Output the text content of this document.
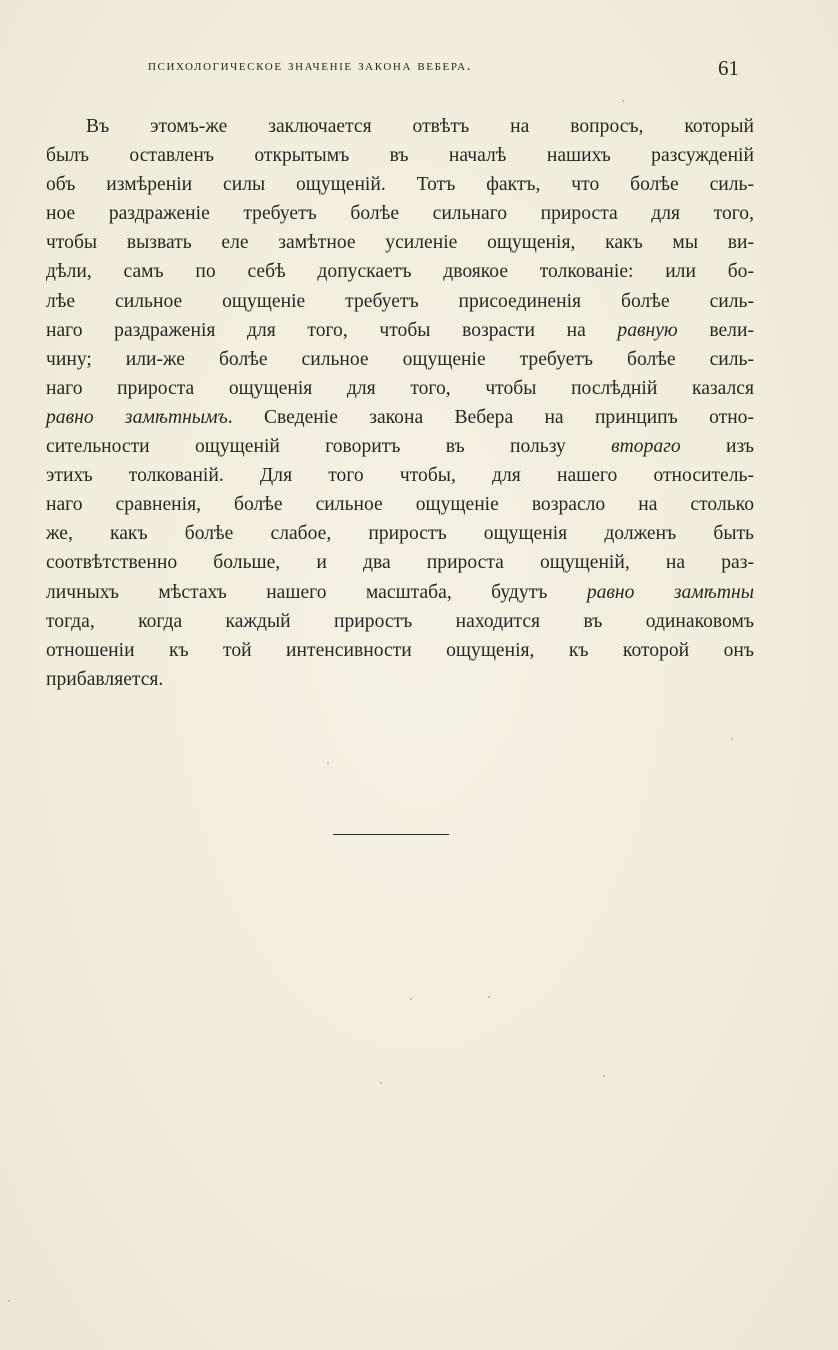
психологическое значеніе закона вебера.	61
Въ этомъ-же заключается отвѣтъ на вопросъ, который
былъ оставленъ открытымъ въ началѣ нашихъ разсужденій
объ измѣреніи силы ощущеній. Тотъ фактъ, что болѣе силь-
ное раздраженіе требуетъ болѣе сильнаго прироста для того,
чтобы вызвать еле замѣтное усиленіе ощущенія, какъ мы ви-
дѣли, самъ по себѣ допускаетъ двоякое толкованіе: или бо-
лѣе сильное ощущеніе требуетъ присоединенія болѣе силь-
наго раздраженія для того, чтобы возрасти на равную вели-
чину; или-же болѣе сильное ощущеніе требуетъ болѣе силь-
наго прироста ощущенія для того, чтобы послѣдній казался
равно замѣтнымъ. Сведеніе закона Вебера на принципъ отно-
сительности ощущеній говоритъ въ пользу втораго изъ
этихъ толкованій. Для того чтобы, для нашего относитель-
наго сравненія, болѣе сильное ощущеніе возрасло на столько
же, какъ болѣе слабое, приростъ ощущенія долженъ быть
соотвѣтственно больше, и два прироста ощущеній, на раз-
личныхъ мѣстахъ нашего масштаба, будутъ равно замѣтны
тогда, когда каждый приростъ находится въ одинаковомъ
отношеніи къ той интенсивности ощущенія, къ которой онъ
прибавляется.
